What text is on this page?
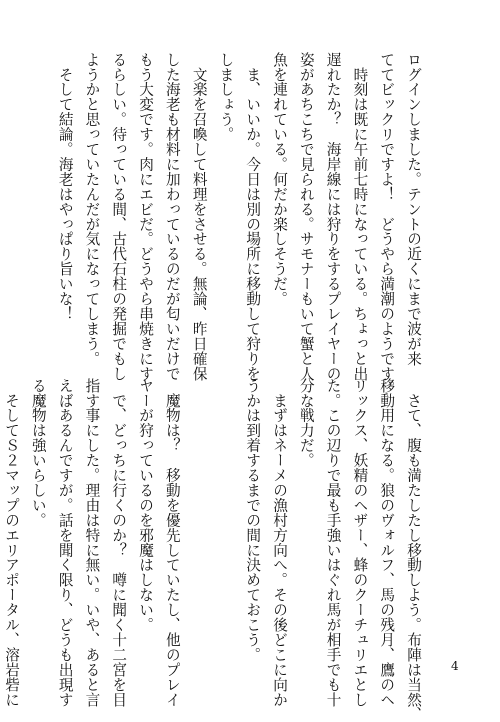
ログインしました。テントの近くにまで波が来

ててビックリですよ！　どうやら満潮のようです。

　時刻は既に午前七時になっている。ちょっと出

遅れたか？　海岸線には狩りをするプレイヤーの

姿があちこちで見られる。サモナーもいて蟹と人

魚を連れている。何だか楽しそうだ。

　ま、いいか。今日は別の場所に移動して狩りを

しましょう。

　文楽を召喚して料理をさせる。無論、昨日確保

した海老も材料に加わっているのだが匂いだけで

もう大変です。肉にエビだ。どうやら串焼きにす

るらしい。待っている間、古代石柱の発掘でもし

ようかと思っていたんだが気になってしまう。

　そして結論。海老はやっぱり旨いな！

　さて、腹も満たしたし移動しよう。布陣は当然、

移動用になる。狼のヴォルフ、馬の残月、鷹のヘ

リックス、妖精のヘザー、蜂のクーチュリエとし

た。この辺りで最も手強いはぐれ馬が相手でも十

分な戦力だ。

　まずはネーメの漁村方向へ。その後どこに向か

うかは到着するまでの間に決めておこう。

　魔物は？　移動を優先していたし、他のプレイ

ヤーが狩っているのを邪魔はしない。

　で、どっちに行くのか？　噂に聞く十二宮を目

指す事にした。理由は特に無い。いや、あると言

えばあるんですが。話を聞く限り、どうも出現す

る魔物は強いらしい。

　そしてＳ２マップのエリアポータル、溶岩砦に	4
